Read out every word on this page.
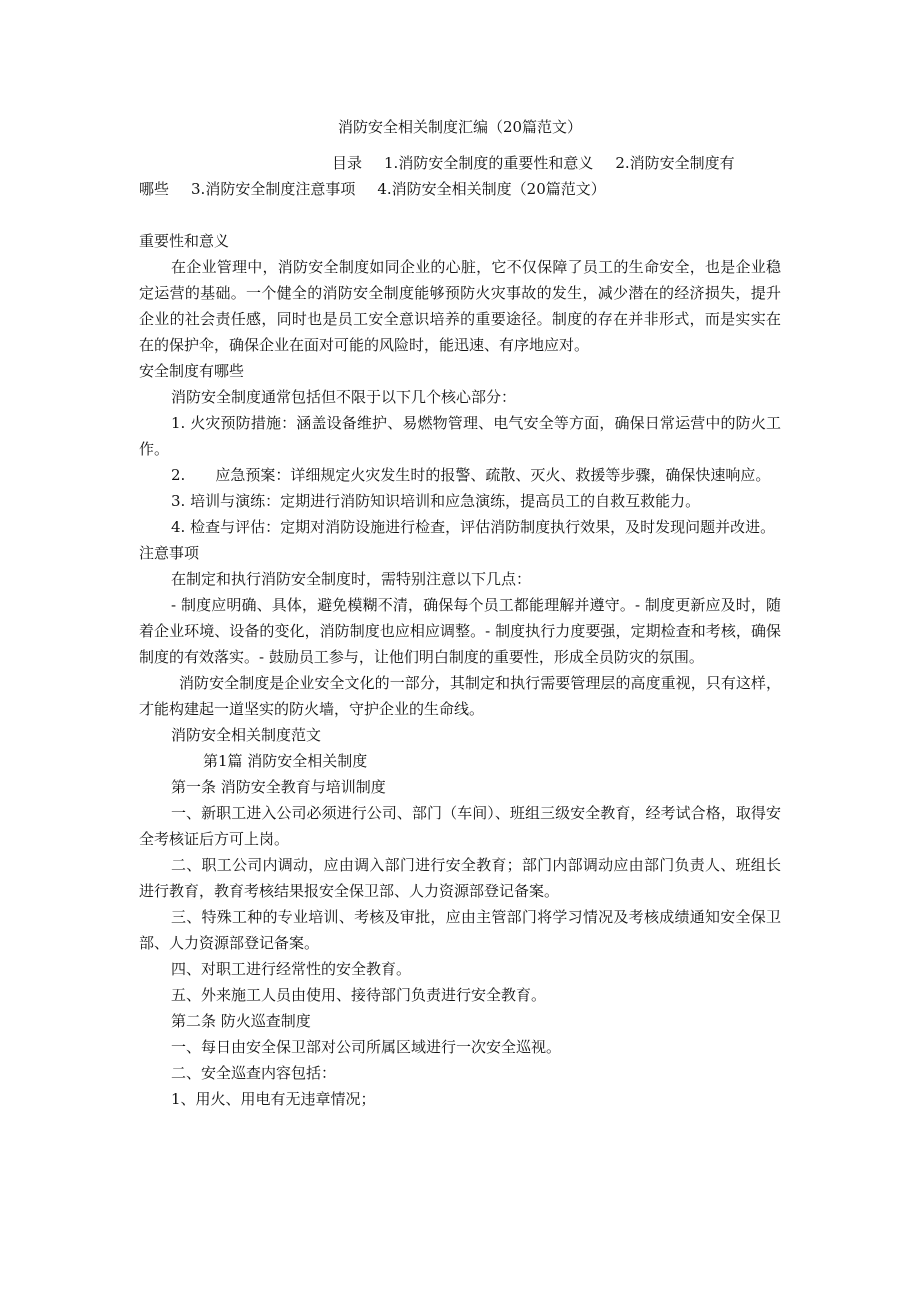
消防安全相关制度汇编（20篇范文）
目录 1.消防安全制度的重要性和意义 2.消防安全制度有
哪些 3.消防安全制度注意事项 4.消防安全相关制度（20篇范文）

重要性和意义

在企业管理中，消防安全制度如同企业的心脏，它不仅保障了员工的生命安全，也是企业稳定运营的基础。一个健全的消防安全制度能够预防火灾事故的发生，减少潜在的经济损失，提升企业的社会责任感，同时也是员工安全意识培养的重要途径。制度的存在并非形式，而是实实在在的保护伞，确保企业在面对可能的风险时，能迅速、有序地应对。

安全制度有哪些

消防安全制度通常包括但不限于以下几个核心部分：

1. 火灾预防措施：涵盖设备维护、易燃物管理、电气安全等方面，确保日常运营中的防火工作。

2. 应急预案：详细规定火灾发生时的报警、疏散、灭火、救援等步骤，确保快速响应。

3. 培训与演练：定期进行消防知识培训和应急演练，提高员工的自救互救能力。

4. 检查与评估：定期对消防设施进行检查，评估消防制度执行效果，及时发现问题并改进。

注意事项

在制定和执行消防安全制度时，需特别注意以下几点：

- 制度应明确、具体，避免模糊不清，确保每个员工都能理解并遵守。- 制度更新应及时，随着企业环境、设备的变化，消防制度也应相应调整。- 制度执行力度要强，定期检查和考核，确保制度的有效落实。- 鼓励员工参与，让他们明白制度的重要性，形成全员防灾的氛围。

消防安全制度是企业安全文化的一部分，其制定和执行需要管理层的高度重视，只有这样，才能构建起一道坚实的防火墙，守护企业的生命线。

消防安全相关制度范文

第1篇 消防安全相关制度

第一条 消防安全教育与培训制度

一、新职工进入公司必须进行公司、部门（车间）、班组三级安全教育，经考试合格，取得安全考核证后方可上岗。

二、职工公司内调动，应由调入部门进行安全教育；部门内部调动应由部门负责人、班组长进行教育，教育考核结果报安全保卫部、人力资源部登记备案。

三、特殊工种的专业培训、考核及审批，应由主管部门将学习情况及考核成绩通知安全保卫部、人力资源部登记备案。

四、对职工进行经常性的安全教育。

五、外来施工人员由使用、接待部门负责进行安全教育。

第二条 防火巡查制度

一、每日由安全保卫部对公司所属区域进行一次安全巡视。

二、安全巡查内容包括：

1、用火、用电有无违章情况；
